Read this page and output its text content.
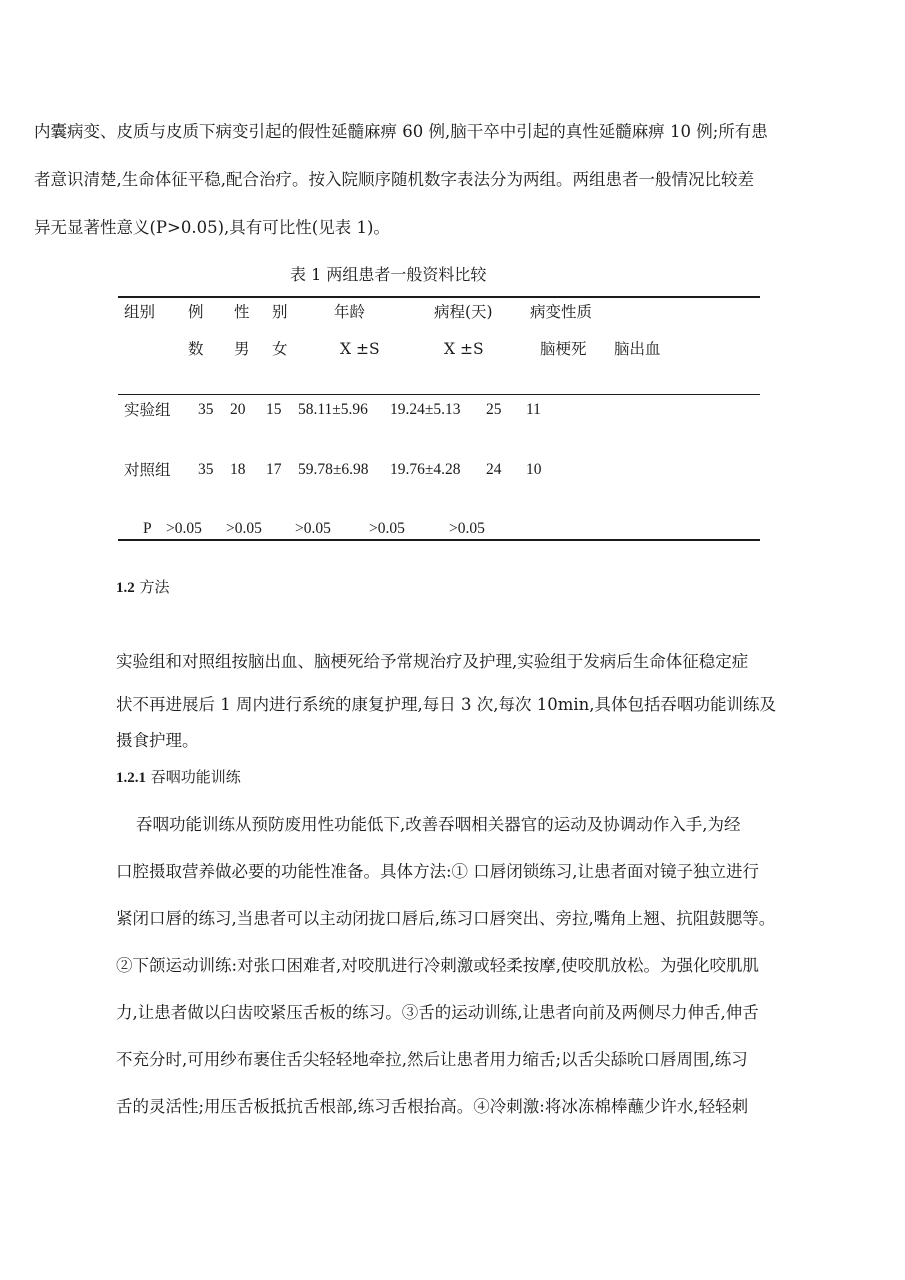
内囊病变、皮质与皮质下病变引起的假性延髓麻痹 60 例,脑干卒中引起的真性延髓麻痹 10 例;所有患
者意识清楚,生命体征平稳,配合治疗。按入院顺序随机数字表法分为两组。两组患者一般情况比较差
异无显著性意义(P>0.05),具有可比性(见表 1)。
表 1 两组患者一般资料比较
组别 例 性 别	年龄	病程(天) 病变性质
数 男 女	X ±S	X ±S	脑梗死 脑出血
实验组 35 20 15 58.11±5.96 19.24±5.13 25 11
对照组 35 18 17 59.78±6.98 19.76±4.28 24 10
P >0.05 >0.05 >0.05 >0.05	>0.05
1.2 方法
实验组和对照组按脑出血、脑梗死给予常规治疗及护理,实验组于发病后生命体征稳定症
状不再进展后 1 周内进行系统的康复护理,每日 3 次,每次 10min,具体包括吞咽功能训练及
摄食护理。
1.2.1 吞咽功能训练
吞咽功能训练从预防废用性功能低下,改善吞咽相关器官的运动及协调动作入手,为经
口腔摄取营养做必要的功能性准备。具体方法:① 口唇闭锁练习,让患者面对镜子独立进行
紧闭口唇的练习,当患者可以主动闭拢口唇后,练习口唇突出、旁拉,嘴角上翘、抗阻鼓腮等。
②下颌运动训练:对张口困难者,对咬肌进行冷刺激或轻柔按摩,使咬肌放松。为强化咬肌肌
力,让患者做以臼齿咬紧压舌板的练习。③舌的运动训练,让患者向前及两侧尽力伸舌,伸舌
不充分时,可用纱布裹住舌尖轻轻地牵拉,然后让患者用力缩舌;以舌尖舔吮口唇周围,练习
舌的灵活性;用压舌板抵抗舌根部,练习舌根抬高。④冷刺激:将冰冻棉棒蘸少许水,轻轻刺
